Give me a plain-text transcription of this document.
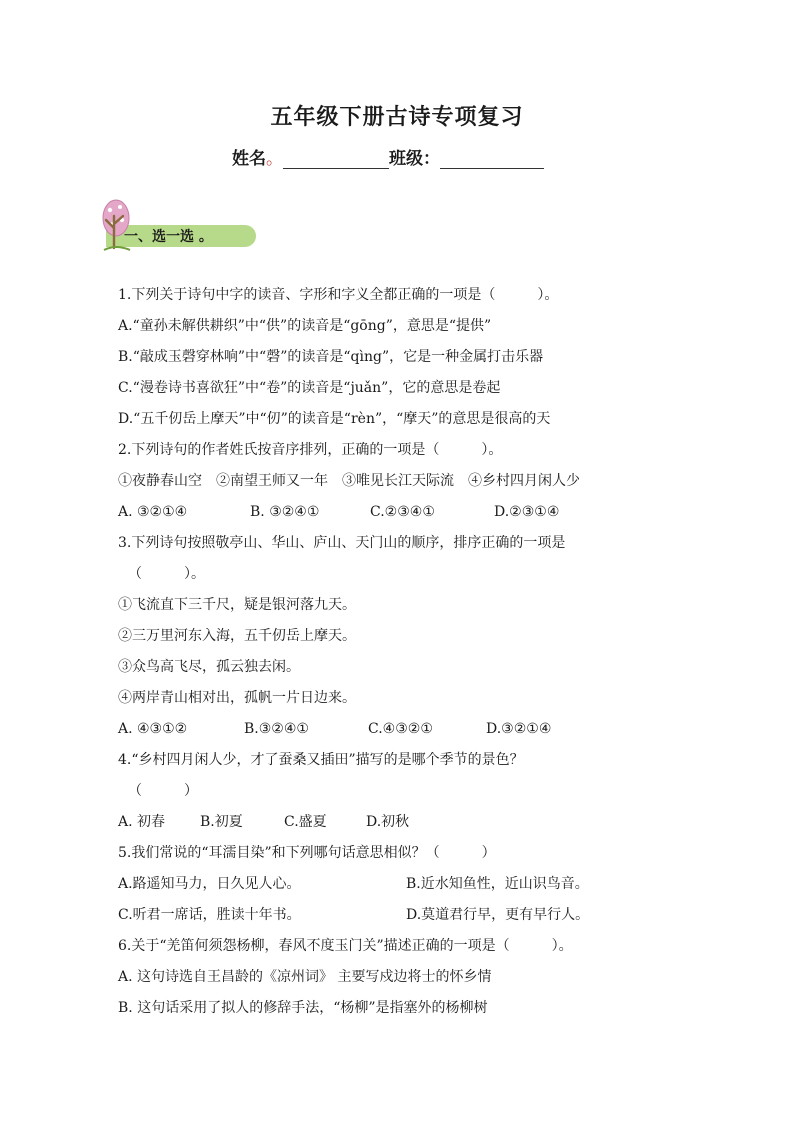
五年级下册古诗专项复习
姓名。	班级：
一、选一选 。
1.下列关于诗句中字的读音、字形和字义全都正确的一项是（　　　）。
A.“童孙未解供耕织”中“供”的读音是“gōng”，意思是“提供”
B.“敲成玉磬穿林响”中“磬”的读音是“qìng”，它是一种金属打击乐器
C.“漫卷诗书喜欲狂”中“卷”的读音是“juǎn”，它的意思是卷起
D.“五千仞岳上摩天”中“仞”的读音是“rèn”，“摩天”的意思是很高的天
2.下列诗句的作者姓氏按音序排列，正确的一项是（　　　）。
①夜静春山空　②南望王师又一年　③唯见长江天际流　④乡村四月闲人少
A. ③②①④	B. ③②④①	C.②③④①	D.②③①④
3.下列诗句按照敬亭山、华山、庐山、天门山的顺序，排序正确的一项是
（　　　）。
①飞流直下三千尺，疑是银河落九天。
②三万里河东入海，五千仞岳上摩天。
③众鸟高飞尽，孤云独去闲。
④两岸青山相对出，孤帆一片日边来。
A. ④③①②	B.③②④①	C.④③②①	D.③②①④
4.“乡村四月闲人少，才了蚕桑又插田”描写的是哪个季节的景色？
（　　　）
A. 初春 B.初夏	C.盛夏	D.初秋
5.我们常说的“耳濡目染”和下列哪句话意思相似？（　　　）
A.路遥知马力，日久见人心。	B.近水知鱼性，近山识鸟音。
C.听君一席话，胜读十年书。	D.莫道君行早，更有早行人。
6.关于“羌笛何须怨杨柳，春风不度玉门关”描述正确的一项是（　　　）。
A. 这句诗选自王昌龄的《凉州词》 主要写戍边将士的怀乡情
B. 这句话采用了拟人的修辞手法，“杨柳”是指塞外的杨柳树
